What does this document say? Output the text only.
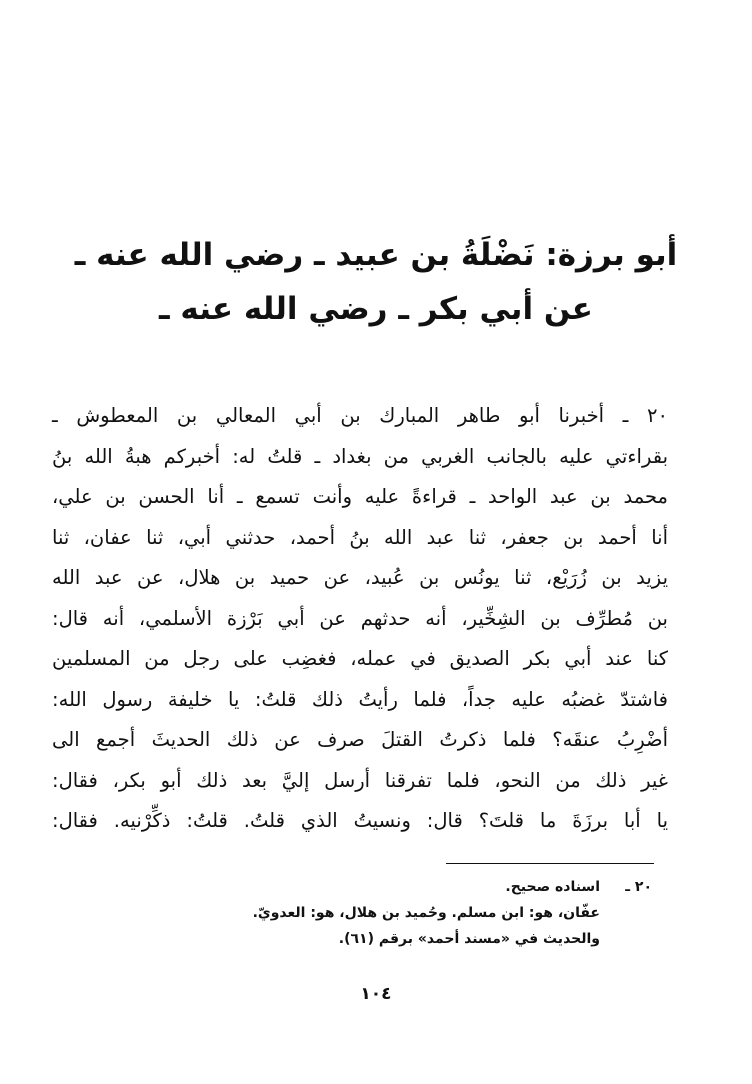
أبو برزة: نَضْلَةُ بن عبيد ـ رضي الله عنه ـ
عن أبي بكر ـ رضي الله عنه ـ
٢٠ ـ أخبرنا أبو طاهر المبارك بن أبي المعالي بن المعطوش ـ
بقراءتي عليه بالجانب الغربي من بغداد ـ قلتُ له: أخبركم هبةُ الله بنُ
محمد بن عبد الواحد ـ قراءةً عليه وأنت تسمع ـ أنا الحسن بن علي،
أنا أحمد بن جعفر، ثنا عبد الله بنُ أحمد، حدثني أبي، ثنا عفان، ثنا
يزيد بن زُرَيْع، ثنا يونُس بن عُبيد، عن حميد بن هلال، عن عبد الله
بن مُطرِّف بن الشِخِّير، أنه حدثهم عن أبي بَرْزة الأسلمي، أنه قال:
كنا عند أبي بكر الصديق في عمله، فغضِب على رجل من المسلمين
فاشتدّ غضبُه عليه جداً، فلما رأيتُ ذلك قلتُ: يا خليفة رسول الله:
أضْرِبُ عنقَه؟ فلما ذكرتُ القتلَ صرف عن ذلك الحديثَ أجمع الى
غير ذلك من النحو، فلما تفرقنا أرسل إليَّ بعد ذلك أبو بكر، فقال:
يا أبا برزَةَ ما قلتَ؟ قال: ونسيتُ الذي قلتُ. قلتُ: ذكِّرْنيه. فقال:
٢٠ ـاسناده صحيح.
عفّان، هو: ابن مسلم. وحُميد بن هلال، هو: العدويّ.
والحديث في «مسند أحمد» برقم (٦١).
١٠٤
